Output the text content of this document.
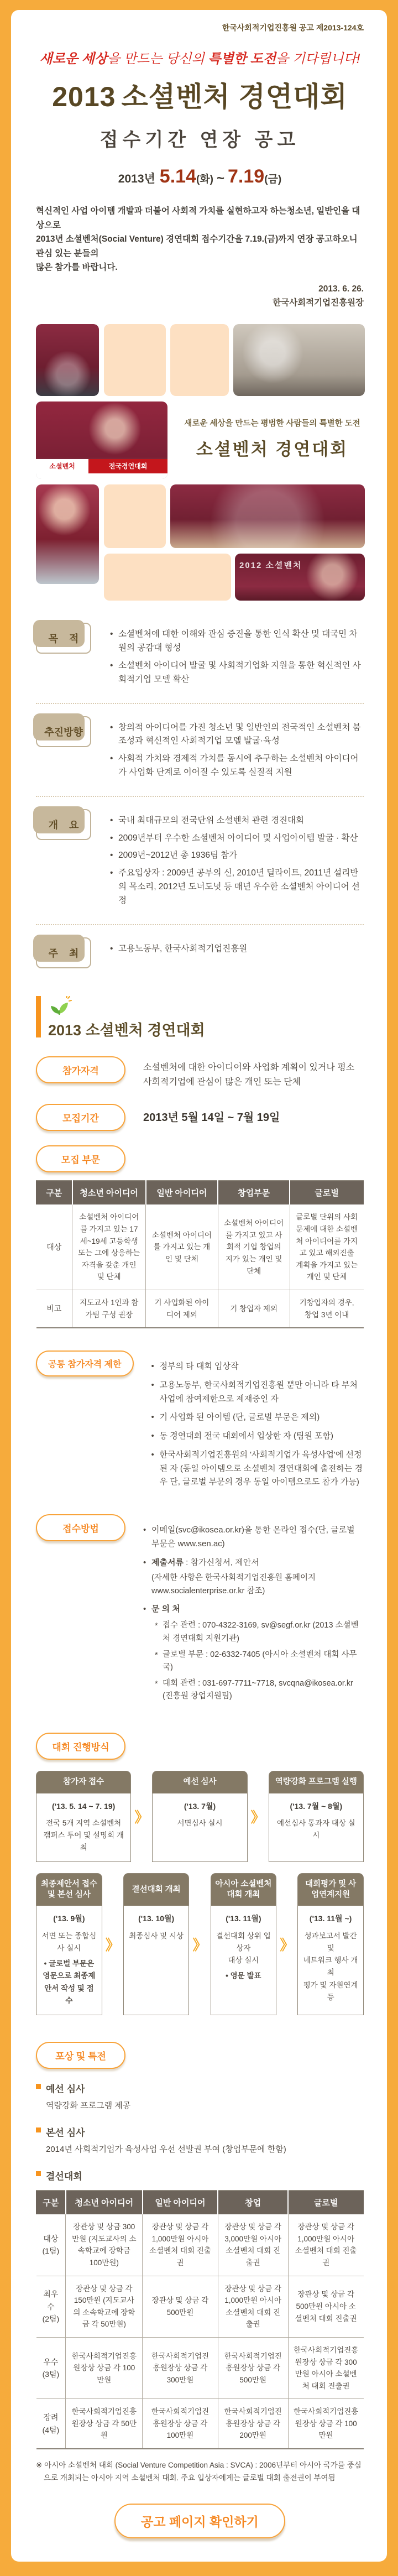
한국사회적기업진흥원 공고 제2013-124호
새로운 세상을 만드는 당신의 특별한 도전을 기다립니다!
2013 소셜벤처 경연대회
접수기간 연장 공고
2013년 5.14(화) ~ 7.19(금)
혁신적인 사업 아이템 개발과 더불어 사회적 가치를 실현하고자 하는청소년, 일반인을 대상으로
2013년 소셜벤처(Social Venture) 경연대회 접수기간을 7.19.(금)까지 연장 공고하오니 관심 있는 분들의
많은 참가를 바랍니다.
2013. 6. 26.
한국사회적기업진흥원장
소셜벤처	전국경연대회
새로운 세상을 만드는 평범한 사람들의 특별한 도전
소셜벤처 경연대회
2012 소셜벤처
목    적	• 소셜벤처에 대한 이해와 관심 증진을 통한 인식 확산 및 대국민 차원의 공감대 형성
• 소셜벤처 아이디어 발굴 및 사회적기업화 지원을 통한 혁신적인 사회적기업 모델 확산
추진방향	• 창의적 아이디어를 가진 청소년 및 일반인의 전국적인 소셜벤처 붐 조성과 혁신적인 사회적기업 모델 발굴·육성
• 사회적 가치와 경제적 가치를 동시에 추구하는 소셜벤처 아이디어가 사업화 단계로 이어질 수 있도록 실질적 지원
개    요	• 국내 최대규모의 전국단위 소셜벤처 관련 경진대회
• 2009년부터 우수한 소셜벤처 아이디어 및 사업아이템 발굴 · 확산
• 2009년~2012년 총 1936팀 참가
• 주요입상자 : 2009년 공부의 신, 2010년 딜라이트, 2011년 설리반의 목소리, 2012년 도너도넛 등 매년 우수한 소셜벤처 아이디어 선정
주    최	• 고용노동부, 한국사회적기업진흥원
2013 소셜벤처 경연대회
참가자격	소셜벤처에 대한 아이디어와 사업화 계획이 있거나 평소 사회적기업에 관심이 많은 개인 또는 단체
모집기간	2013년 5월 14일 ~ 7월 19일
모집 부문
구분	청소년 아이디어	일반 아이디어	창업부문	글로벌
대상	소셜벤처 아이디어를 가지고 있는 17세~19세 고등학생 또는 그에 상응하는 자격을 갖춘 개인 및 단체	소셜벤처 아이디어를 가지고 있는 개인 및 단체	소셜벤처 아이디어를 가지고 있고 사회적 기업 창업의지가 있는 개인 및 단체	글로벌 단위의 사회 문제에 대한 소셜벤처 아이디어를 가지고 있고 해외진출 계획을 가지고 있는 개인 및 단체
비고	지도교사 1인과 참가팀 구성 권장	기 사업화된 아이디어 제외	기 창업자 제외	기창업자의 경우, 창업 3년 이내
공통 참가자격 제한	• 정부의 타 대회 입상작
• 고용노동부, 한국사회적기업진흥원 뿐만 아니라 타 부처 사업에 참여제한으로 제재중인 자
• 기 사업화 된 아이템 (단, 글로벌 부문은 제외)
• 동 경연대회 전국 대회에서 입상한 자 (팀원 포함)
• 한국사회적기업진흥원의 '사회적기업가 육성사업'에 선정된 자 (동일 아이템으로 소셜벤처 경연대회에 출전하는 경우 단, 글로벌 부문의 경우 동일 아이템으로도 참가 가능)
접수방법	• 이메일(svc@ikosea.or.kr)을 통한 온라인 접수(단, 글로벌 부문은 www.sen.ac)
• 제출서류 : 참가신청서, 제안서
(자세한 사항은 한국사회적기업진흥원 홈페이지 www.socialenterprise.or.kr 참조)
• 문 의 처
* 접수 관련 : 070-4322-3169, sv@segf.or.kr (2013 소셜벤처 경연대회 지원기관)
* 글로벌 부문 : 02-6332-7405 (아시아 소셜벤처 대회 사무국)
* 대회 관련 : 031-697-7711~7718, svcqna@ikosea.or.kr (진흥원 창업지원팀)
대회 진행방식
참가자 접수
('13. 5. 14 ~ 7. 19)
전국 5개 지역 소셜벤처
캠퍼스 투어 및 설명회 개최
》
예선 심사
('13. 7월)
서면심사 실시	》
역량강화 프로그램 실행
('13. 7월 ~ 8월)
예선심사 통과자 대상 실시
최종제안서 접수 및 본선 심사
('13. 9월)
서면 또는 종합심사 실시
• 글로벌 부문은 영문으로 최종제안서 작성 및 접수
》
결선대회 개최
('13. 10월)
최종심사 및 시상
》
아시아 소셜벤처 대회 개최
('13. 11월)
결선대회 상위 입상자
대상 실시
• 영문 발표
》
대회평가 및 사업연계지원
('13. 11월 ~)
성과보고서 발간 및
네트워크 행사 개최
평가 및 자원연계 등
포상 및 특전
예선 심사
역량강화 프로그램 제공
본선 심사
2014년 사회적기업가 육성사업 우선 선발권 부여 (창업부문에 한함)
결선대회
구분	청소년 아이디어	일반 아이디어	창업	글로벌

대상
(1팀)	장관상 및 상금 300만원 (지도교사의 소속학교에 장학금 100만원)	장관상 및 상금 각 1,000만원 아시아 소셜벤처 대회 진출권	장관상 및 상금 각 3,000만원 아시아 소셜벤처 대회 진출권	장관상 및 상금 각 1,000만원 아시아 소셜벤처 대회 진출권

최우수
(2팀)	장관상 및 상금 각 150만원 (지도교사의 소속학교에 장학금 각 50만원)	장관상 및 상금 각 500만원	장관상 및 상금 각 1,000만원 아시아 소셜벤처 대회 진출권	장관상 및 상금 각 500만원 아시아 소셜벤처 대회 진출권

우수
(3팀)	한국사회적기업진흥원장상 상금 각 100만원	한국사회적기업진흥원장상 상금 각 300만원	한국사회적기업진흥원장상 상금 각 500만원	한국사회적기업진흥원장상 상금 각 300만원 아시아 소셜벤처 대회 진출권

장려
(4팀)	한국사회적기업진흥원장상 상금 각 50만원	한국사회적기업진흥원장상 상금 각 100만원	한국사회적기업진흥원장상 상금 각 200만원	한국사회적기업진흥원장상 상금 각 100만원

※ 아시아 소셜벤처 대회 (Social Venture Competition Asia : SVCA) : 2006년부터 아시아 국가를 중심으로 개최되는 아시아 지역 소셜벤처 대회. 주요 입상자에게는 글로벌 대회 출전권이 부여됨

공고 페이지 확인하기
